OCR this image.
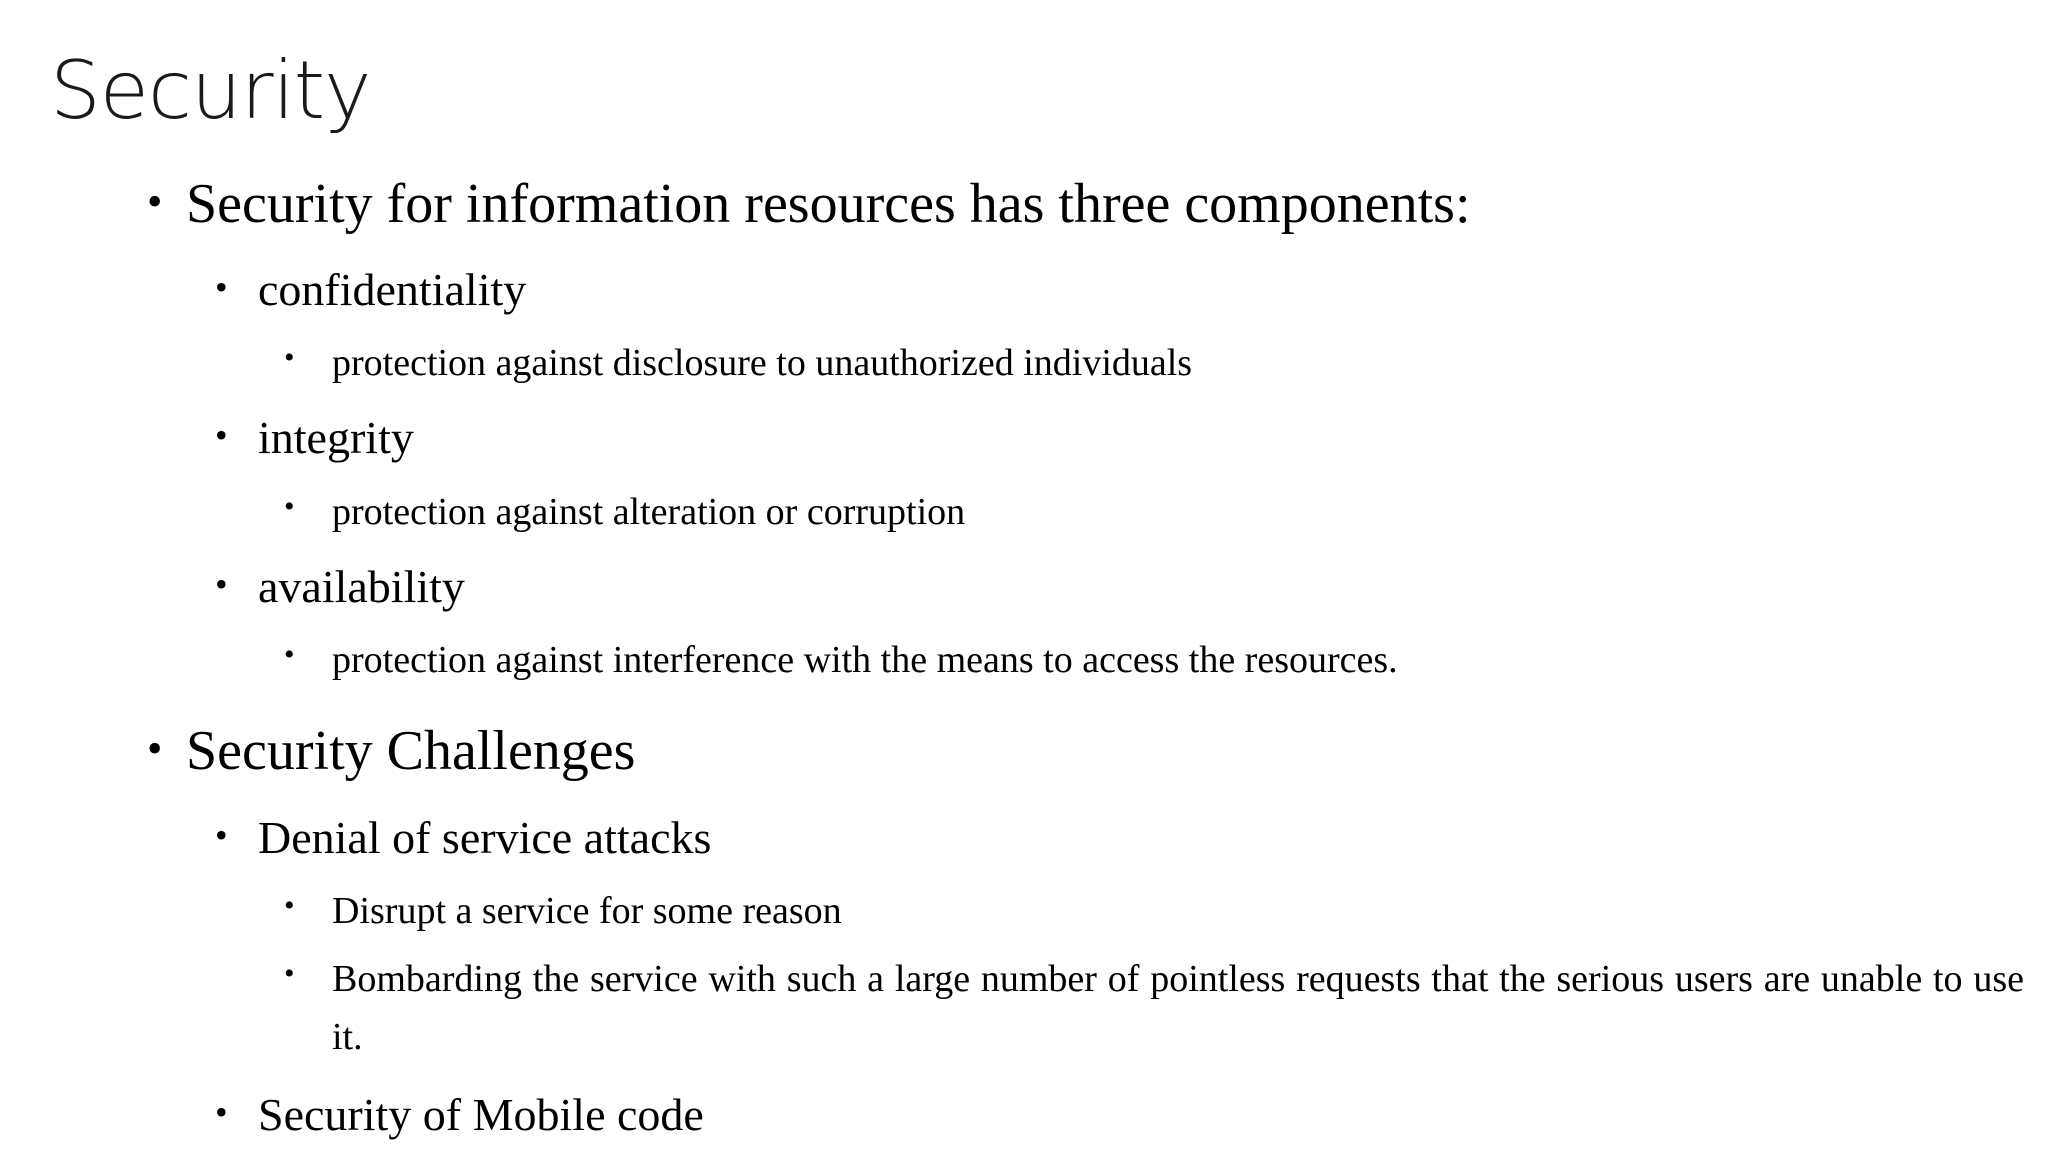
Security
• Security for information resources has three components:
• confidentiality
• protection against disclosure to unauthorized individuals
• integrity
• protection against alteration or corruption
• availability
• protection against interference with the means to access the resources.
• Security Challenges
• Denial of service attacks
• Disrupt a service for some reason
• Bombarding the service with such a large number of pointless requests that the serious users are unable to use it.
• Security of Mobile code
